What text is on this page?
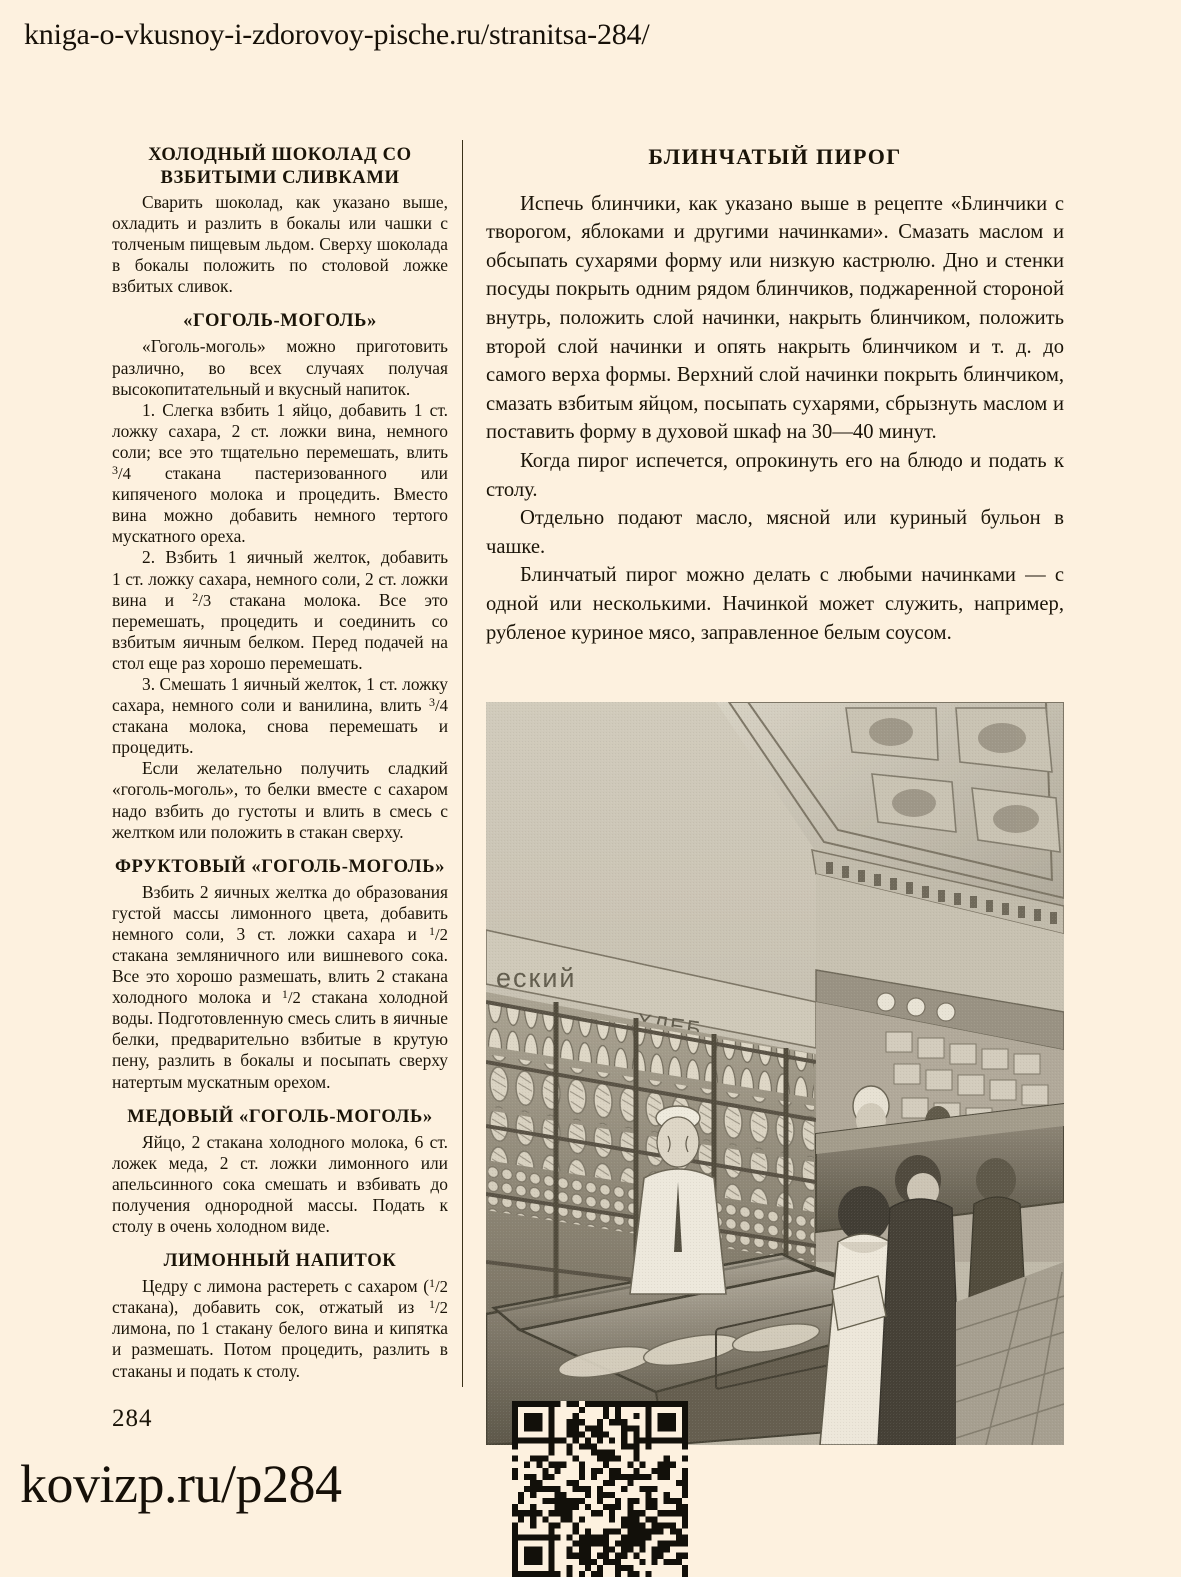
kniga-o-vkusnoy-i-zdorovoy-pische.ru/stranitsa-284/
ХОЛОДНЫЙ ШОКОЛАД СО ВЗБИТЫМИ СЛИВКАМИ

Сварить шоколад, как указано выше, охладить и разлить в бокалы или чашки с толченым пищевым льдом. Сверху шоколада в бокалы положить по столовой ложке взбитых сливок.

«ГОГОЛЬ-МОГОЛЬ»

«Гоголь-моголь» можно приготовить различно, во всех случаях получая высокопитательный и вкусный напиток.

1. Слегка взбить 1 яйцо, добавить 1 ст. ложку сахара, 2 ст. ложки вина, немного соли; все это тщательно перемешать, влить $^3$/4 стакана пастеризованного или кипяченого молока и процедить. Вместо вина можно добавить немного тертого мускатного ореха.

2. Взбить 1 яичный желток, добавить 1 ст. ложку сахара, немного соли, 2 ст. ложки вина и $^2$/3 стакана молока. Все это перемешать, процедить и соединить со взбитым яичным белком. Перед подачей на стол еще раз хорошо перемешать.

3. Смешать 1 яичный желток, 1 ст. ложку сахара, немного соли и ванилина, влить $^3$/4 стакана молока, снова перемешать и процедить.

Если желательно получить сладкий «гоголь-моголь», то белки вместе с сахаром надо взбить до густоты и влить в смесь с желтком или положить в стакан сверху.

ФРУКТОВЫЙ «ГОГОЛЬ-МОГОЛЬ»

Взбить 2 яичных желтка до образования густой массы лимонного цвета, добавить немного соли, 3 ст. ложки сахара и $^1$/2 стакана земляничного или вишневого сока. Все это хорошо размешать, влить 2 стакана холодного молока и $^1$/2 стакана холодной воды. Подготовленную смесь слить в яичные белки, предварительно взбитые в крутую пену, разлить в бокалы и посыпать сверху натертым мускатным орехом.

МЕДОВЫЙ «ГОГОЛЬ-МОГОЛЬ»

Яйцо, 2 стакана холодного молока, 6 ст. ложек меда, 2 ст. ложки лимонного или апельсинного сока смешать и взбивать до получения однородной массы. Подать к столу в очень холодном виде.

ЛИМОННЫЙ НАПИТОК

Цедру с лимона растереть с сахаром ($^1$/2 стакана), добавить сок, отжатый из $^1$/2 лимона, по 1 стакану белого вина и кипятка и размешать. Потом процедить, разлить в стаканы и подать к столу.

БЛИНЧАТЫЙ ПИРОГ

Испечь блинчики, как указано выше в рецепте «Блинчики с творогом, яблоками и другими начинками». Смазать маслом и обсыпать сухарями форму или низкую кастрюлю. Дно и стенки посуды покрыть одним рядом блинчиков, поджаренной стороной внутрь, положить слой начинки, накрыть блинчиком, положить второй слой начинки и опять накрыть блинчиком и т. д. до самого верха формы. Верхний слой начинки покрыть блинчиком, смазать взбитым яйцом, посыпать сухарями, сбрызнуть маслом и поставить форму в духовой шкаф на 30—40 минут.

Когда пирог испечется, опрокинуть его на блюдо и подать к столу.

Отдельно подают масло, мясной или куриный бульон в чашке.

Блинчатый пирог можно делать с любыми начинками — с одной или несколькими. Начинкой может служить, например, рубленое куриное мясо, заправленное белым соусом.

284
kovizp.ru/p284
